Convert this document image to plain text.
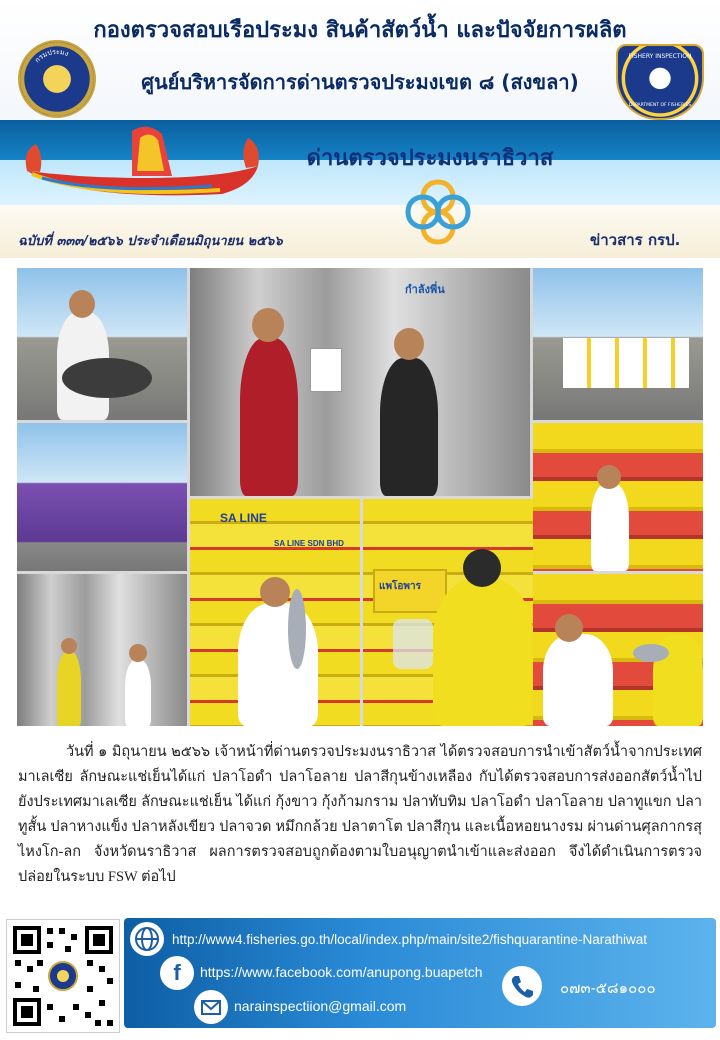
กองตรวจสอบเรือประมง สินค้าสัตว์น้ำ และปัจจัยการผลิต
ศูนย์บริหารจัดการด่านตรวจประมงเขต ๘ (สงขลา)
กรมประมง	FISHERY INSPECTION
DEPARTMENT OF FISHERIES
ด่านตรวจประมงนราธิวาส
ฉบับที่ ๓๓๓/๒๕๖๖ ประจำเดือนมิถุนายน ๒๕๖๖	ข่าวสาร กรป.
กำลังพี่น
SA LINE
SA LINE SDN BHD
แพโอพาร
วันที่ ๑ มิถุนายน ๒๕๖๖ เจ้าหน้าที่ด่านตรวจประมงนราธิวาส ได้ตรวจสอบการนำเข้าสัตว์น้ำจากประเทศมาเลเซีย ลักษณะแช่เย็นได้แก่ ปลาโอดำ ปลาโอลาย ปลาสีกุนข้างเหลือง กับได้ตรวจสอบการส่งออกสัตว์น้ำไปยังประเทศมาเลเซีย ลักษณะแช่เย็น ได้แก่ กุ้งขาว กุ้งก้ามกราม ปลาทับทิม ปลาโอดำ ปลาโอลาย ปลาทูแขก ปลาทูสั้น ปลาหางแข็ง ปลาหลังเขียว ปลาจวด หมึกกล้วย ปลาตาโต ปลาสีกุน และเนื้อหอยนางรม ผ่านด่านศุลกากรสุไหงโก-ลก จังหวัดนราธิวาส ผลการตรวจสอบถูกต้องตามใบอนุญาตนำเข้าและส่งออก จึงได้ดำเนินการตรวจปล่อยในระบบ FSW ต่อไป
http://www4.fisheries.go.th/local/index.php/main/site2/fishquarantine-Narathiwat
f	https://www.facebook.com/anupong.buapetch
narainspectiion@gmail.com
๐๗๓-๕๘๑๐๐๐
